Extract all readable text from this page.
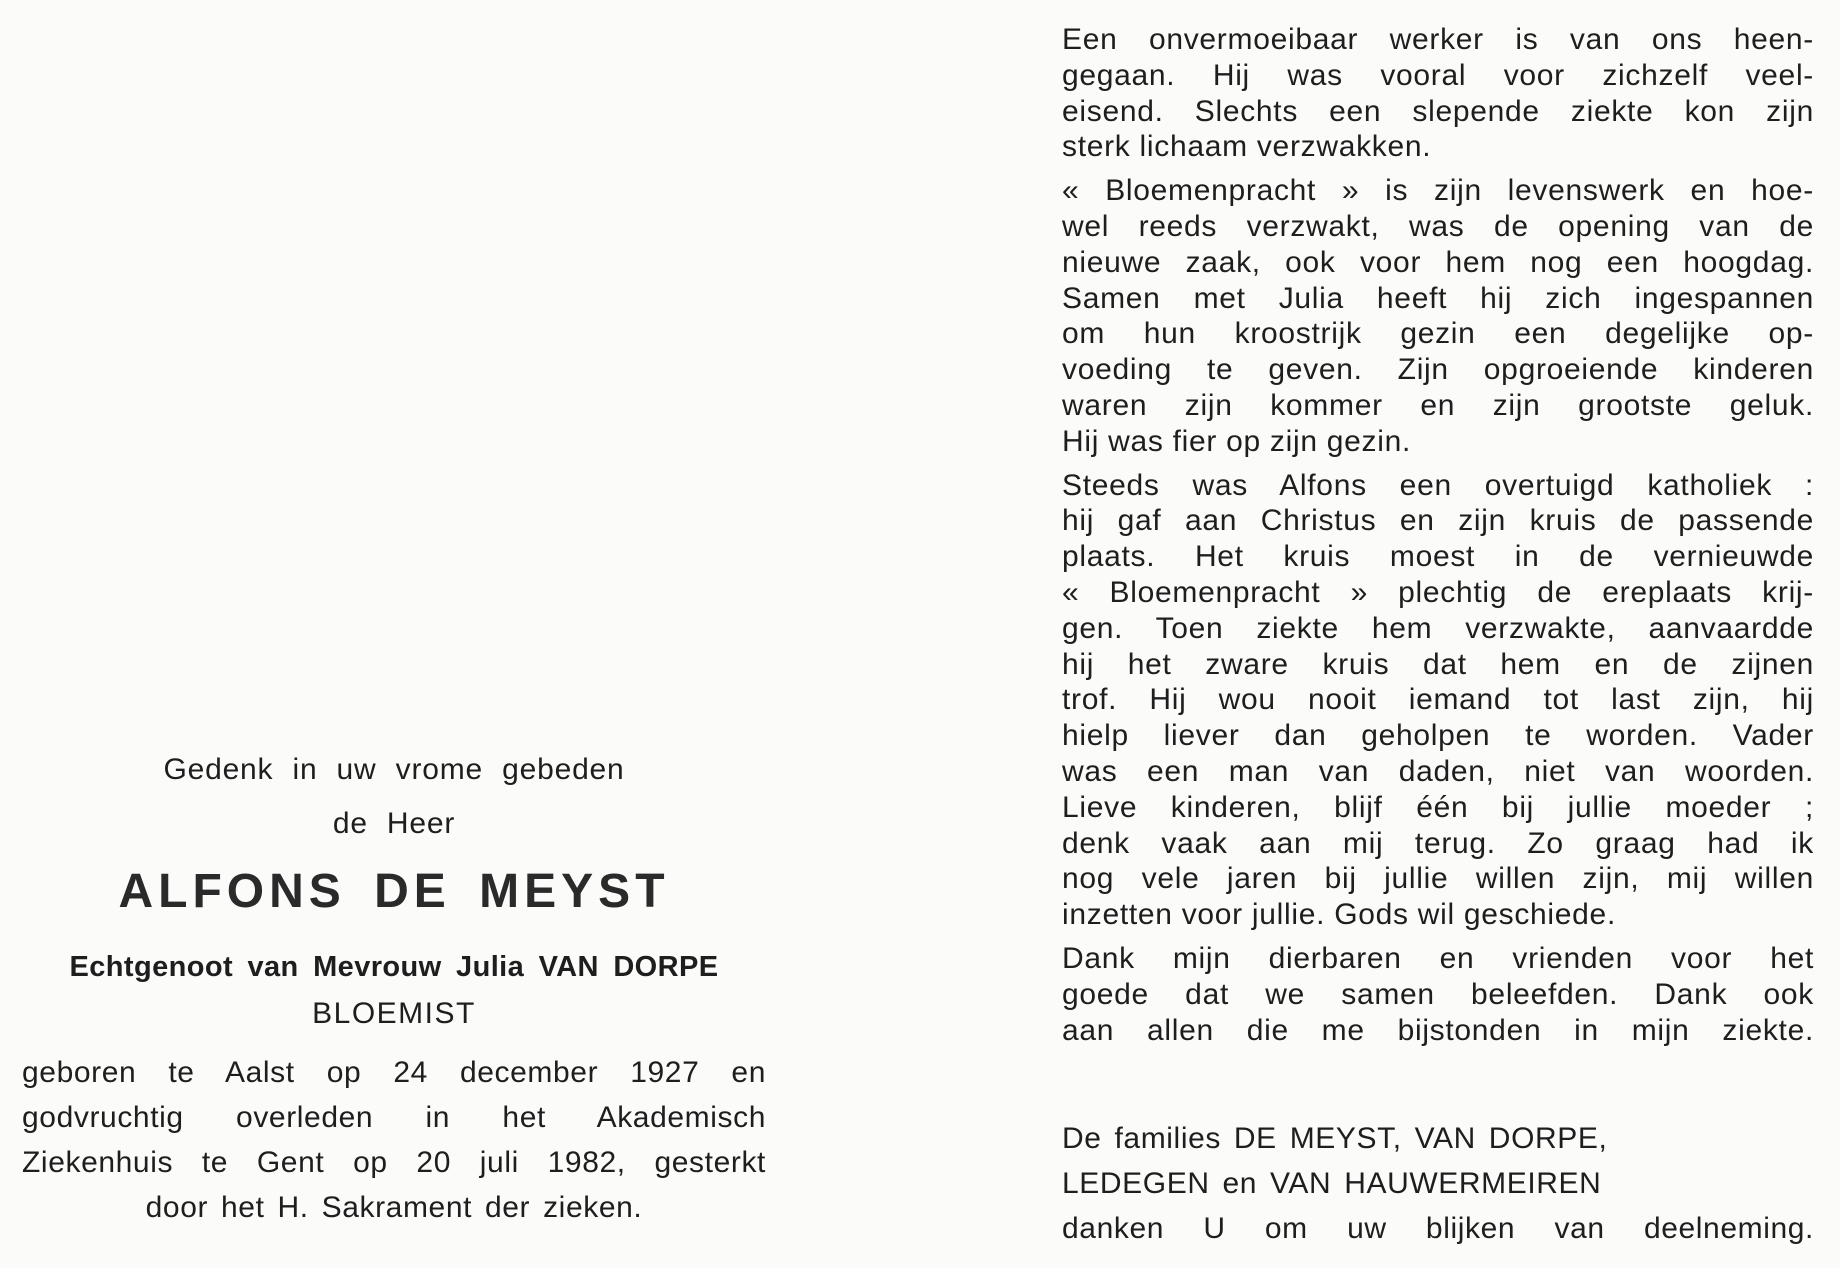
Gedenk in uw vrome gebeden
de Heer
ALFONS DE MEYST
Echtgenoot van Mevrouw Julia VAN DORPE
BLOEMIST
geboren te Aalst op 24 december 1927 en
godvruchtig overleden in het Akademisch
Ziekenhuis te Gent op 20 juli 1982, gesterkt
door het H. Sakrament der zieken.
Een onvermoeibaar werker is van ons heen-
gegaan. Hij was vooral voor zichzelf veel-
eisend. Slechts een slepende ziekte kon zijn
sterk lichaam verzwakken.
« Bloemenpracht » is zijn levenswerk en hoe-
wel reeds verzwakt, was de opening van de
nieuwe zaak, ook voor hem nog een hoogdag.
Samen met Julia heeft hij zich ingespannen
om hun kroostrijk gezin een degelijke op-
voeding te geven. Zijn opgroeiende kinderen
waren zijn kommer en zijn grootste geluk.
Hij was fier op zijn gezin.
Steeds was Alfons een overtuigd katholiek :
hij gaf aan Christus en zijn kruis de passende
plaats. Het kruis moest in de vernieuwde
« Bloemenpracht » plechtig de ereplaats krij-
gen. Toen ziekte hem verzwakte, aanvaardde
hij het zware kruis dat hem en de zijnen
trof. Hij wou nooit iemand tot last zijn, hij
hielp liever dan geholpen te worden. Vader
was een man van daden, niet van woorden.
Lieve kinderen, blijf één bij jullie moeder ;
denk vaak aan mij terug. Zo graag had ik
nog vele jaren bij jullie willen zijn, mij willen
inzetten voor jullie. Gods wil geschiede.
Dank mijn dierbaren en vrienden voor het
goede dat we samen beleefden. Dank ook
aan allen die me bijstonden in mijn ziekte.
De families DE MEYST, VAN DORPE,
LEDEGEN en VAN HAUWERMEIREN
danken U om uw blijken van deelneming.
